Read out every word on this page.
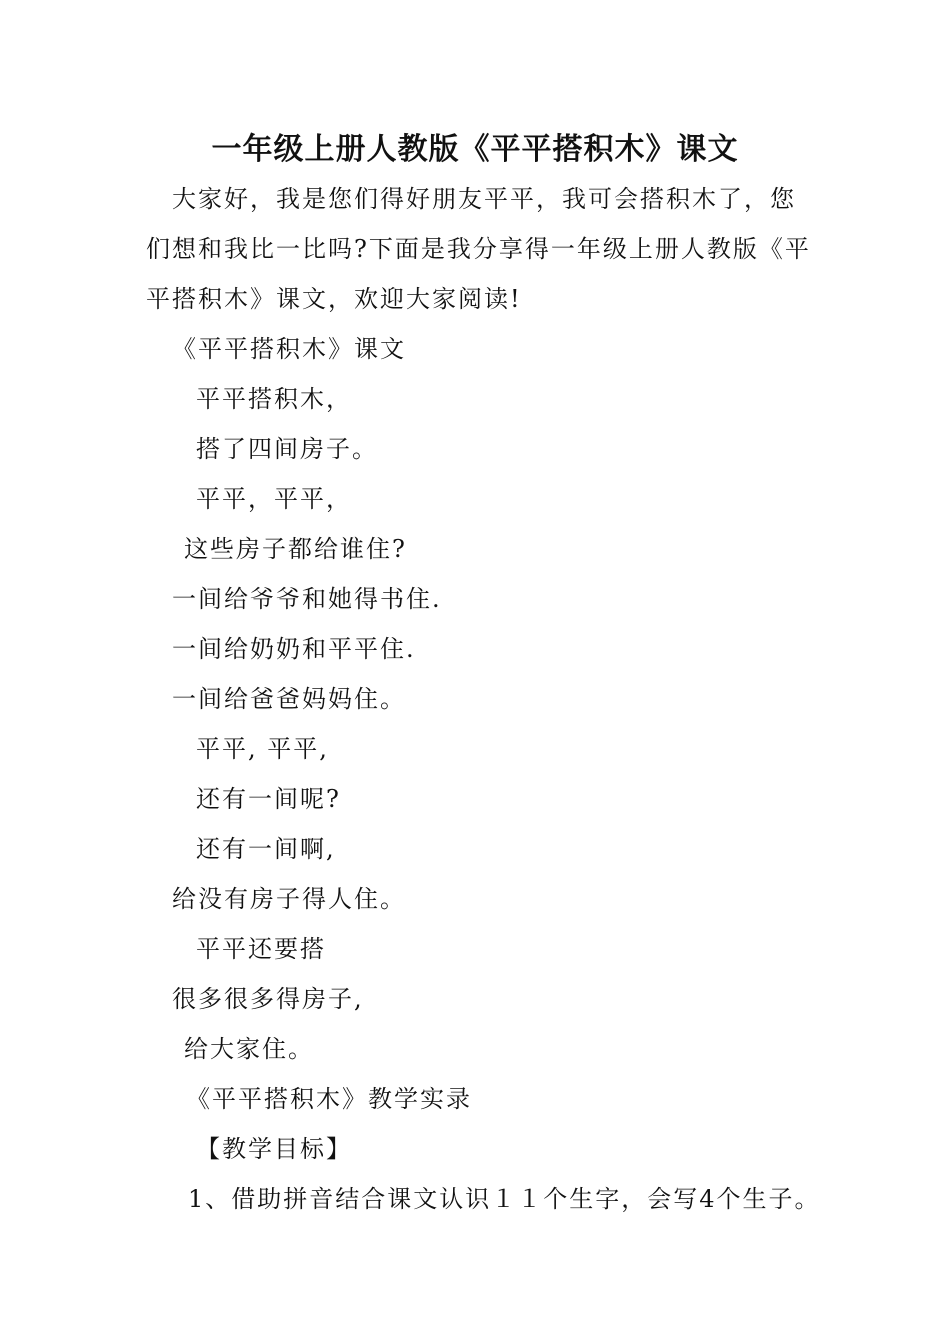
一年级上册人教版《平平搭积木》课文
大家好，我是您们得好朋友平平，我可会搭积木了，您
们想和我比一比吗?下面是我分享得一年级上册人教版《平
平搭积木》课文，欢迎大家阅读!
《平平搭积木》课文
平平搭积木，
搭了四间房子。
平平，平平，
这些房子都给谁住?
一间给爷爷和她得书住.
一间给奶奶和平平住.
一间给爸爸妈妈住。
平平, 平平,
还有一间呢?
还有一间啊,
给没有房子得人住。
平平还要搭
很多很多得房子,
给大家住。
《平平搭积木》教学实录
【教学目标】
1、借助拼音结合课文认识１１个生字，会写4个生子。
